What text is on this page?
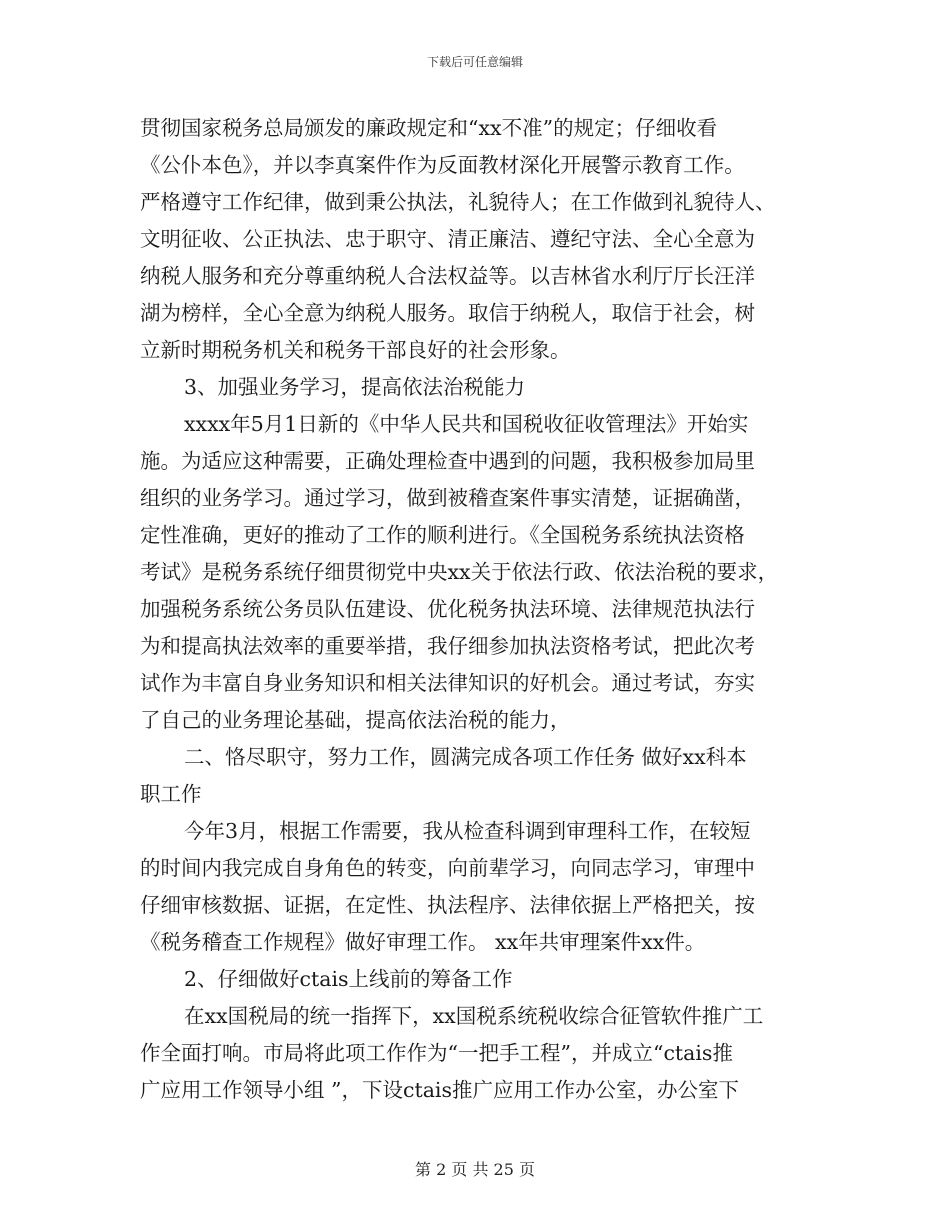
下载后可任意编辑
贯彻国家税务总局颁发的廉政规定和“xx不准”的规定；仔细收看
《公仆本色》，并以李真案件作为反面教材深化开展警示教育工作。
严格遵守工作纪律，做到秉公执法，礼貌待人；在工作做到礼貌待人、
文明征收、公正执法、忠于职守、清正廉洁、遵纪守法、全心全意为
纳税人服务和充分尊重纳税人合法权益等。以吉林省水利厅厅长汪洋
湖为榜样，全心全意为纳税人服务。取信于纳税人，取信于社会，树
立新时期税务机关和税务干部良好的社会形象。
3、加强业务学习，提高依法治税能力
xxxx年5月1日新的《中华人民共和国税收征收管理法》开始实
施。为适应这种需要，正确处理检查中遇到的问题，我积极参加局里
组织的业务学习。通过学习，做到被稽查案件事实清楚，证据确凿，
定性准确，更好的推动了工作的顺利进行。《全国税务系统执法资格
考试》是税务系统仔细贯彻党中央xx关于依法行政、依法治税的要求，
加强税务系统公务员队伍建设、优化税务执法环境、法律规范执法行
为和提高执法效率的重要举措，我仔细参加执法资格考试，把此次考
试作为丰富自身业务知识和相关法律知识的好机会。通过考试，夯实
了自己的业务理论基础，提高依法治税的能力，
二、恪尽职守，努力工作，圆满完成各项工作任务 做好xx科本
职工作
今年3月，根据工作需要，我从检查科调到审理科工作，在较短
的时间内我完成自身角色的转变，向前辈学习，向同志学习，审理中
仔细审核数据、证据，在定性、执法程序、法律依据上严格把关，按
《税务稽查工作规程》做好审理工作。 xx年共审理案件xx件。
2、仔细做好ctais上线前的筹备工作
在xx国税局的统一指挥下，xx国税系统税收综合征管软件推广工
作全面打响。市局将此项工作作为“一把手工程”，并成立“ctais推
广应用工作领导小组 ”，下设ctais推广应用工作办公室，办公室下
第 2 页 共 25 页
